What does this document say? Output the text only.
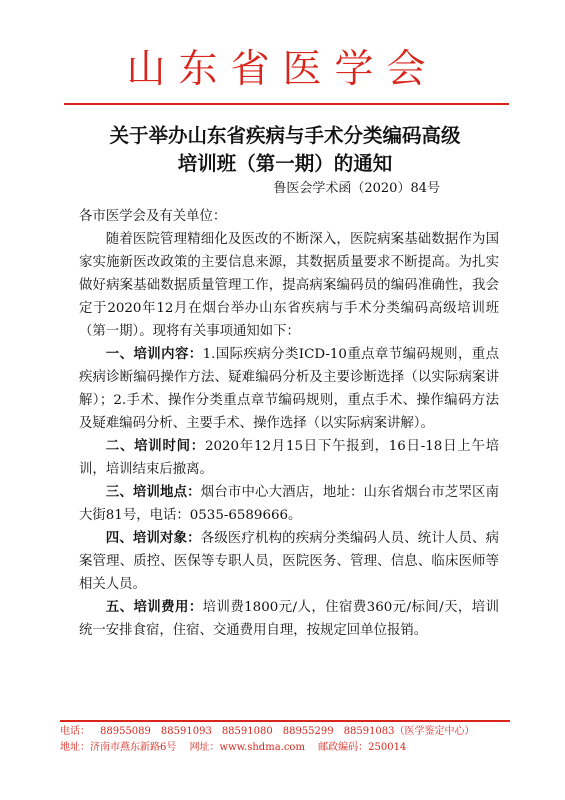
山东省医学会
关于举办山东省疾病与手术分类编码高级
培训班（第一期）的通知
鲁医会学术函（2020）84号

各市医学会及有关单位：

随着医院管理精细化及医改的不断深入，医院病案基础数据作为国家实施新医改政策的主要信息来源，其数据质量要求不断提高。为扎实做好病案基础数据质量管理工作，提高病案编码员的编码准确性，我会定于2020年12月在烟台举办山东省疾病与手术分类编码高级培训班（第一期）。现将有关事项通知如下：

一、培训内容：1.国际疾病分类ICD-10重点章节编码规则，重点疾病诊断编码操作方法、疑难编码分析及主要诊断选择（以实际病案讲解）；2.手术、操作分类重点章节编码规则，重点手术、操作编码方法及疑难编码分析、主要手术、操作选择（以实际病案讲解）。

二、培训时间：2020年12月15日下午报到，16日-18日上午培训，培训结束后撤离。

三、培训地点：烟台市中心大酒店，地址：山东省烟台市芝罘区南大街81号，电话：0535-6589666。

四、培训对象：各级医疗机构的疾病分类编码人员、统计人员、病案管理、质控、医保等专职人员，医院医务、管理、信息、临床医师等相关人员。

五、培训费用：培训费1800元/人，住宿费360元/标间/天，培训统一安排食宿，住宿、交通费用自理，按规定回单位报销。

电话： 88955089 88591093 88591080 88955299 88591083（医学鉴定中心）
地址：济南市燕东新路6号 网址：www.shdma.com 邮政编码：250014
